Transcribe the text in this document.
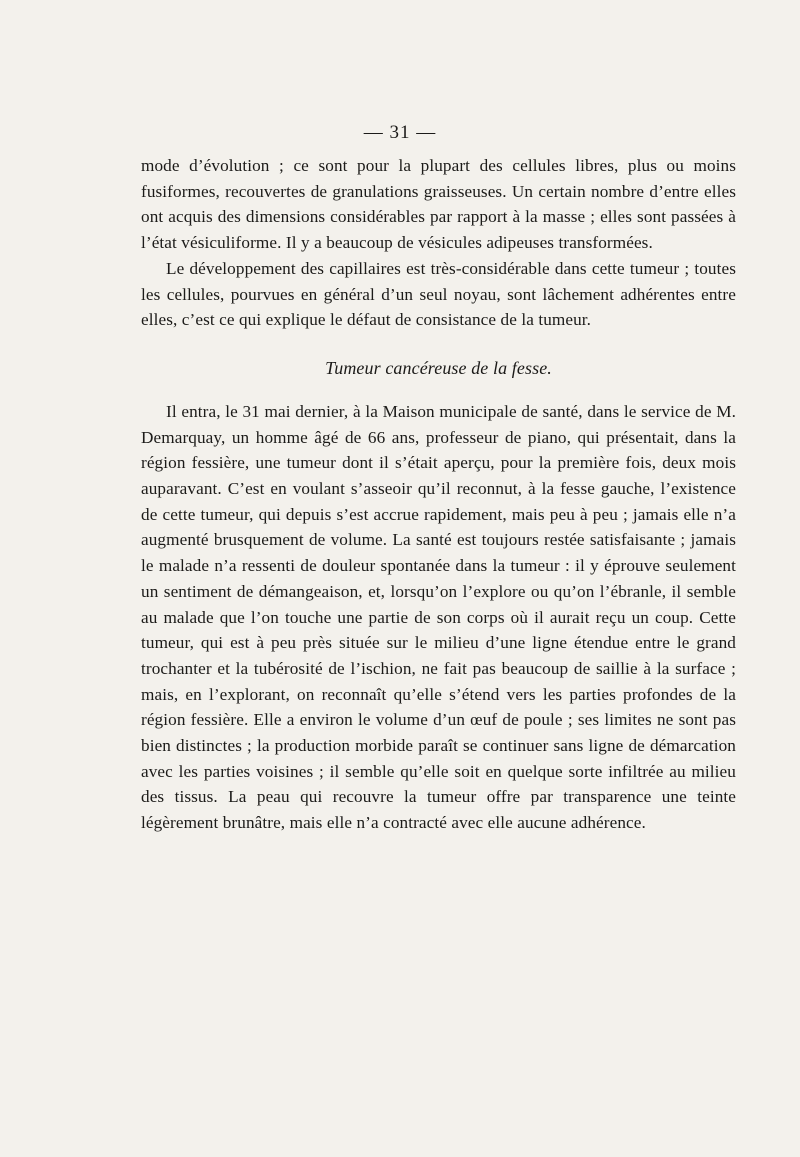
— 31 —

mode d’évolution ; ce sont pour la plupart des cellules libres, plus ou moins fusiformes, recouvertes de granulations graisseuses. Un certain nombre d’entre elles ont acquis des dimensions considérables par rapport à la masse ; elles sont passées à l’état vésiculiforme. Il y a beaucoup de vésicules adipeuses transformées.

Le développement des capillaires est très-considérable dans cette tumeur ; toutes les cellules, pourvues en général d’un seul noyau, sont lâchement adhérentes entre elles, c’est ce qui explique le défaut de consistance de la tumeur.

Tumeur cancéreuse de la fesse.

Il entra, le 31 mai dernier, à la Maison municipale de santé, dans le service de M. Demarquay, un homme âgé de 66 ans, professeur de piano, qui présentait, dans la région fessière, une tumeur dont il s’était aperçu, pour la première fois, deux mois auparavant. C’est en voulant s’asseoir qu’il reconnut, à la fesse gauche, l’existence de cette tumeur, qui depuis s’est accrue rapidement, mais peu à peu ; jamais elle n’a augmenté brusquement de volume. La santé est toujours restée satisfaisante ; jamais le malade n’a ressenti de douleur spontanée dans la tumeur : il y éprouve seulement un sentiment de démangeaison, et, lorsqu’on l’explore ou qu’on l’ébranle, il semble au malade que l’on touche une partie de son corps où il aurait reçu un coup. Cette tumeur, qui est à peu près située sur le milieu d’une ligne étendue entre le grand trochanter et la tubérosité de l’ischion, ne fait pas beaucoup de saillie à la surface ; mais, en l’explorant, on reconnaît qu’elle s’étend vers les parties profondes de la région fessière. Elle a environ le volume d’un œuf de poule ; ses limites ne sont pas bien distinctes ; la production morbide paraît se continuer sans ligne de démarcation avec les parties voisines ; il semble qu’elle soit en quelque sorte infiltrée au milieu des tissus. La peau qui recouvre la tumeur offre par transparence une teinte légèrement brunâtre, mais elle n’a contracté avec elle aucune adhérence.
